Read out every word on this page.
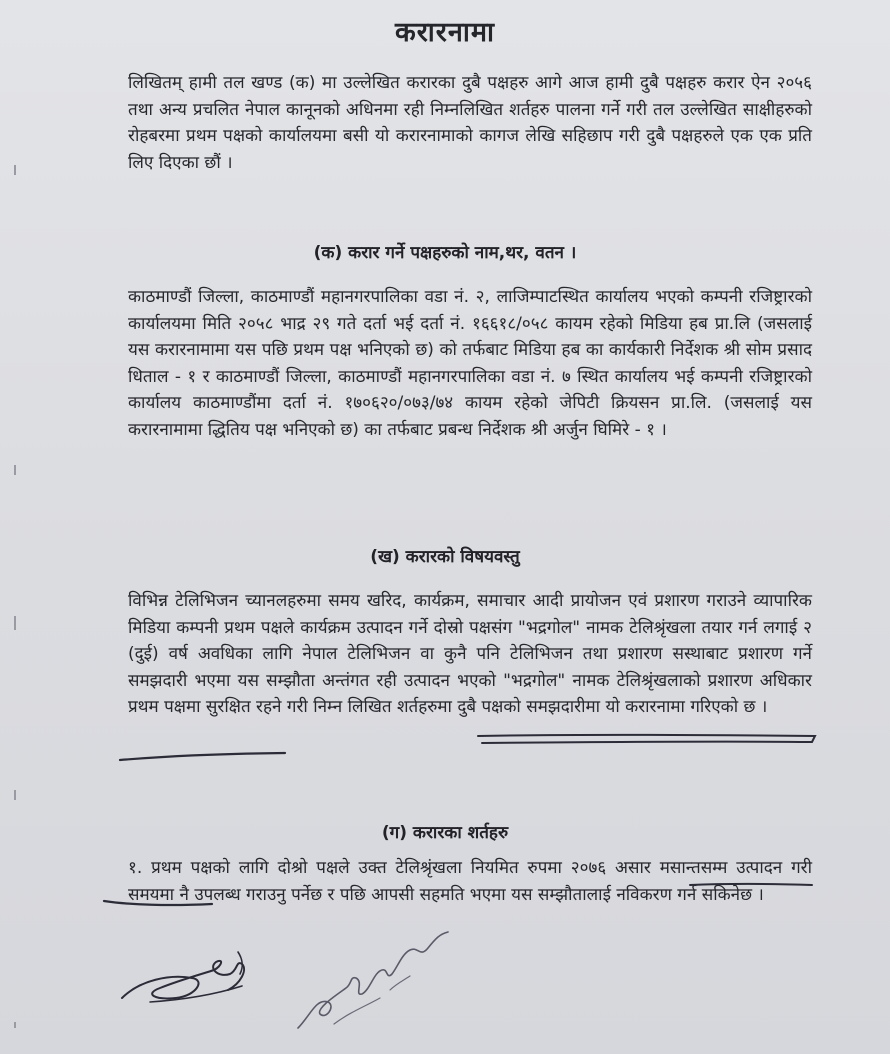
करारनामा
लिखितम् हामी तल खण्ड (क) मा उल्लेखित करारका दुबै पक्षहरु आगे आज हामी दुबै पक्षहरु करार ऐन २०५६ तथा अन्य प्रचलित नेपाल कानूनको अधिनमा रही निम्नलिखित शर्तहरु पालना गर्ने गरी तल उल्लेखित साक्षीहरुको रोहबरमा प्रथम पक्षको कार्यालयमा बसी यो करारनामाको कागज लेखि सहिछाप गरी दुबै पक्षहरुले एक एक प्रति लिए दिएका छौं ।
(क) करार गर्ने पक्षहरुको नाम,थर, वतन ।
काठमाण्डौं जिल्ला, काठमाण्डौं महानगरपालिका वडा नं. २, लाजिम्पाटस्थित कार्यालय भएको कम्पनी रजिष्ट्रारको कार्यालयमा मिति २०५८ भाद्र २९ गते दर्ता भई दर्ता नं. १६६१८/०५८ कायम रहेको मिडिया हब प्रा.लि (जसलाई यस करारनामामा यस पछि प्रथम पक्ष भनिएको छ) को तर्फबाट मिडिया हब का कार्यकारी निर्देशक श्री सोम प्रसाद धिताल - १ र काठमाण्डौं जिल्ला, काठमाण्डौं महानगरपालिका वडा नं. ७ स्थित कार्यालय भई कम्पनी रजिष्ट्रारको कार्यालय काठमाण्डौंमा दर्ता नं. १७०६२०/०७३/७४ कायम रहेको जेपिटी क्रियसन प्रा.लि. (जसलाई यस करारनामामा द्धितिय पक्ष भनिएको छ) का तर्फबाट प्रबन्ध निर्देशक श्री अर्जुन घिमिरे - १ ।
(ख) करारको विषयवस्तु
विभिन्न टेलिभिजन च्यानलहरुमा समय खरिद, कार्यक्रम, समाचार आदी प्रायोजन एवं प्रशारण गराउने व्यापारिक मिडिया कम्पनी प्रथम पक्षले कार्यक्रम उत्पादन गर्ने दोस्रो पक्षसंग "भद्रगोल" नामक टेलिश्रृंखला तयार गर्न लगाई २ (दुई) वर्ष अवधिका लागि नेपाल टेलिभिजन वा कुनै पनि टेलिभिजन तथा प्रशारण सस्थाबाट प्रशारण गर्ने समझदारी भएमा यस सम्झौता अन्तंगत रही उत्पादन भएको "भद्रगोल" नामक टेलिश्रृंखलाको प्रशारण अधिकार प्रथम पक्षमा सुरक्षित रहने गरी निम्न लिखित शर्तहरुमा दुबै पक्षको समझदारीमा यो करारनामा गरिएको छ ।
(ग) करारका शर्तहरु
१. प्रथम पक्षको लागि दोश्रो पक्षले उक्त टेलिश्रृंखला नियमित रुपमा २०७६ असार मसान्तसम्म उत्पादन गरी समयमा नै उपलब्ध गराउनु पर्नेछ र पछि आपसी सहमति भएमा यस सम्झौतालाई नविकरण गर्न सकिनेछ ।
